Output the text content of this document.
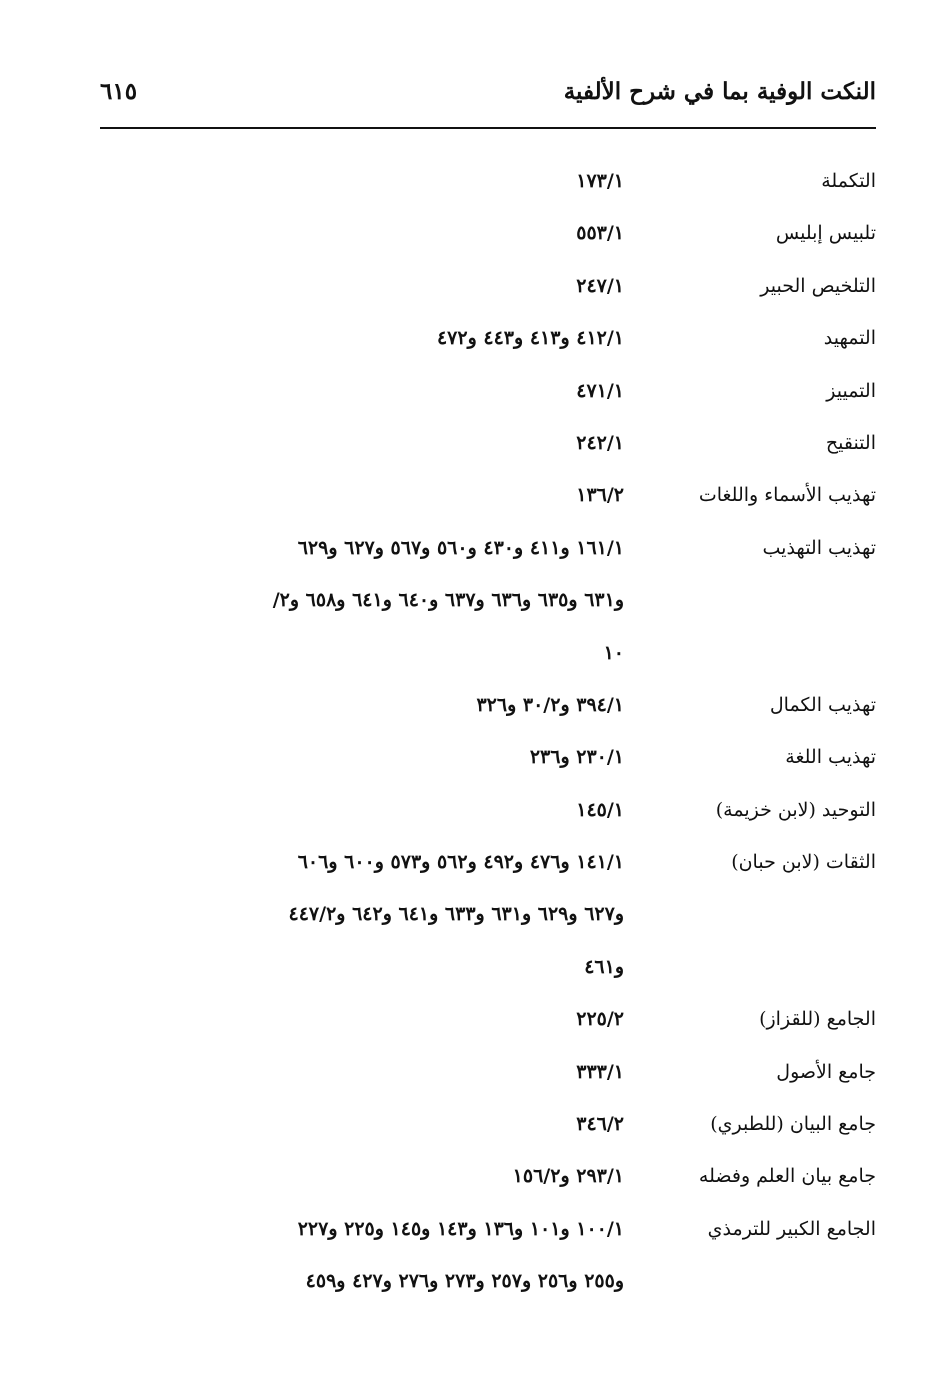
النكت الوفية بما في شرح الألفية
٦١٥
التكملة
١٧٣/١
تلبيس إبليس
٥٥٣/١
التلخيص الحبير
٢٤٧/١
التمهيد
٤١٢/١ و٤١٣ و٤٤٣ و٤٧٢
التمييز
٤٧١/١
التنقيح
٢٤٢/١
تهذيب الأسماء واللغات
١٣٦/٢
تهذيب التهذيب
١٦١/١ و٤١١ و٤٣٠ و٥٦٠ و٥٦٧ و٦٢٧ و٦٢٩
و٦٣١ و٦٣٥ و٦٣٦ و٦٣٧ و٦٤٠ و٦٤١ و٦٥٨ و٢/
١٠
تهذيب الكمال
٣٩٤/١ و٣٠/٢ و٣٢٦
تهذيب اللغة
٢٣٠/١ و٢٣٦
التوحيد (لابن خزيمة)
١٤٥/١
الثقات (لابن حبان)
١٤١/١ و٤٧٦ و٤٩٢ و٥٦٢ و٥٧٣ و٦٠٠ و٦٠٦
و٦٢٧ و٦٢٩ و٦٣١ و٦٣٣ و٦٤١ و٦٤٢ و٤٤٧/٢
و٤٦١
الجامع (للقزاز)
٢٢٥/٢
جامع الأصول
٣٣٣/١
جامع البيان (للطبري)
٣٤٦/٢
جامع بيان العلم وفضله
٢٩٣/١ و١٥٦/٢
الجامع الكبير للترمذي
١٠٠/١ و١٠١ و١٣٦ و١٤٣ و١٤٥ و٢٢٥ و٢٢٧
و٢٥٥ و٢٥٦ و٢٥٧ و٢٧٣ و٢٧٦ و٤٢٧ و٤٥٩
